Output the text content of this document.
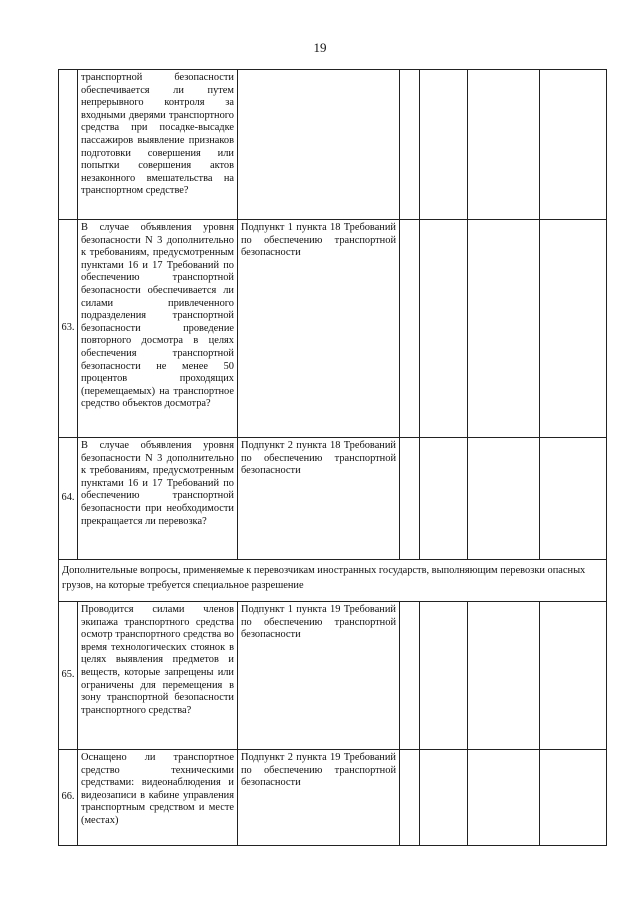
19
	транспортной безопасности обеспечивается ли путем непрерывного контроля за входными дверями транспортного средства при посадке-высадке пассажиров выявление признаков подготовки совершения или попытки совершения актов незаконного вмешательства на транспортном средстве?					
63.	В случае объявления уровня безопасности N 3 дополнительно к требованиям, предусмотренным пунктами 16 и 17 Требований по обеспечению транспортной безопасности обеспечивается ли силами привлеченного подразделения транспортной безопасности проведение повторного досмотра в целях обеспечения транспортной безопасности не менее 50 процентов проходящих (перемещаемых) на транспортное средство объектов досмотра?	Подпункт 1 пункта 18 Требований по обеспечению транспортной безопасности				
64.	В случае объявления уровня безопасности N 3 дополнительно к требованиям, предусмотренным пунктами 16 и 17 Требований по обеспечению транспортной безопасности при необходимости прекращается ли перевозка?	Подпункт 2 пункта 18 Требований по обеспечению транспортной безопасности				
Дополнительные вопросы, применяемые к перевозчикам иностранных государств, выполняющим перевозки опасных грузов, на которые требуется специальное разрешение						
65.	Проводится силами членов экипажа транспортного средства осмотр транспортного средства во время технологических стоянок в целях выявления предметов и веществ, которые запрещены или ограничены для перемещения в зону транспортной безопасности транспортного средства?	Подпункт 1 пункта 19 Требований по обеспечению транспортной безопасности				
66.	Оснащено ли транспортное средство техническими средствами: видеонаблюдения и видеозаписи в кабине управления транспортным средством и месте (местах)	Подпункт 2 пункта 19 Требований по обеспечению транспортной безопасности				
